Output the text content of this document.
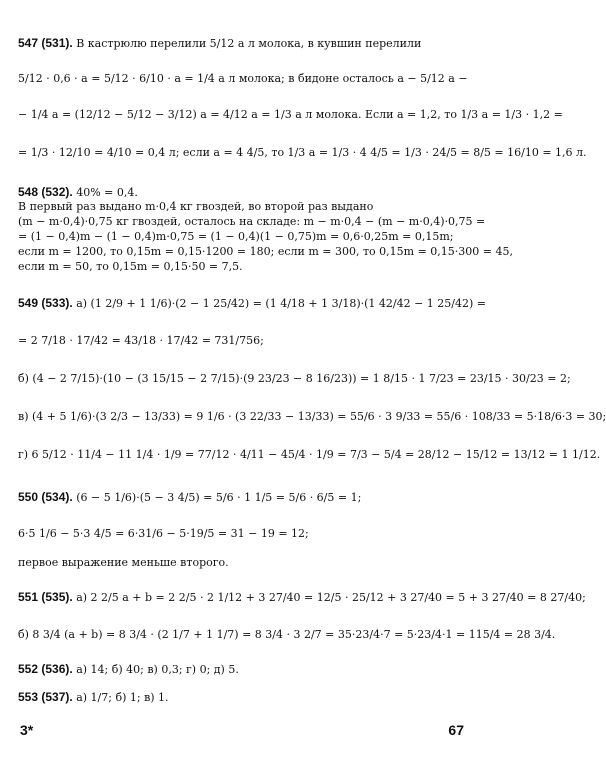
547 (531). В кастрюлю перелили 5/12 a л молока, в кувшин перелили
5/12 · 0,6 · a = 5/12 · 6/10 · a = 1/4 a л молока; в бидоне осталось a − 5/12 a −
− 1/4 a = (12/12 − 5/12 − 3/12) a = 4/12 a = 1/3 a л молока. Если a = 1,2, то 1/3 a = 1/3 · 1,2 =
= 1/3 · 12/10 = 4/10 = 0,4 л; если a = 4 4/5, то 1/3 a = 1/3 · 4 4/5 = 1/3 · 24/5 = 8/5 = 16/10 = 1,6 л.
548 (532). 40% = 0,4.
В первый раз выдано m·0,4 кг гвоздей, во второй раз выдано
(m − m·0,4)·0,75 кг гвоздей, осталось на складе: m − m·0,4 − (m − m·0,4)·0,75 =
= (1 − 0,4)m − (1 − 0,4)m·0,75 = (1 − 0,4)(1 − 0,75)m = 0,6·0,25m = 0,15m;
если m = 1200, то 0,15m = 0,15·1200 = 180; если m = 300, то 0,15m = 0,15·300 = 45,
если m = 50, то 0,15m = 0,15·50 = 7,5.
549 (533). а) (1 2/9 + 1 1/6)·(2 − 1 25/42) = (1 4/18 + 1 3/18)·(1 42/42 − 1 25/42) =
= 2 7/18 · 17/42 = 43/18 · 17/42 = 731/756;
б) (4 − 2 7/15)·(10 − (3 15/15 − 2 7/15)·(9 23/23 − 8 16/23)) = 1 8/15 · 1 7/23 = 23/15 · 30/23 = 2;
в) (4 + 5 1/6)·(3 2/3 − 13/33) = 9 1/6 · (3 22/33 − 13/33) = 55/6 · 3 9/33 = 55/6 · 108/33 = 5·18/6·3 = 30;
г) 6 5/12 · 11/4 − 11 1/4 · 1/9 = 77/12 · 4/11 − 45/4 · 1/9 = 7/3 − 5/4 = 28/12 − 15/12 = 13/12 = 1 1/12.
550 (534). (6 − 5 1/6)·(5 − 3 4/5) = 5/6 · 1 1/5 = 5/6 · 6/5 = 1;
6·5 1/6 − 5·3 4/5 = 6·31/6 − 5·19/5 = 31 − 19 = 12;
первое выражение меньше второго.
551 (535). а) 2 2/5 a + b = 2 2/5 · 2 1/12 + 3 27/40 = 12/5 · 25/12 + 3 27/40 = 5 + 3 27/40 = 8 27/40;
б) 8 3/4 (a + b) = 8 3/4 · (2 1/7 + 1 1/7) = 8 3/4 · 3 2/7 = 35·23/4·7 = 5·23/4·1 = 115/4 = 28 3/4.
552 (536). а) 14; б) 40; в) 0,3; г) 0; д) 5.
553 (537). а) 1/7; б) 1; в) 1.
3*	67
